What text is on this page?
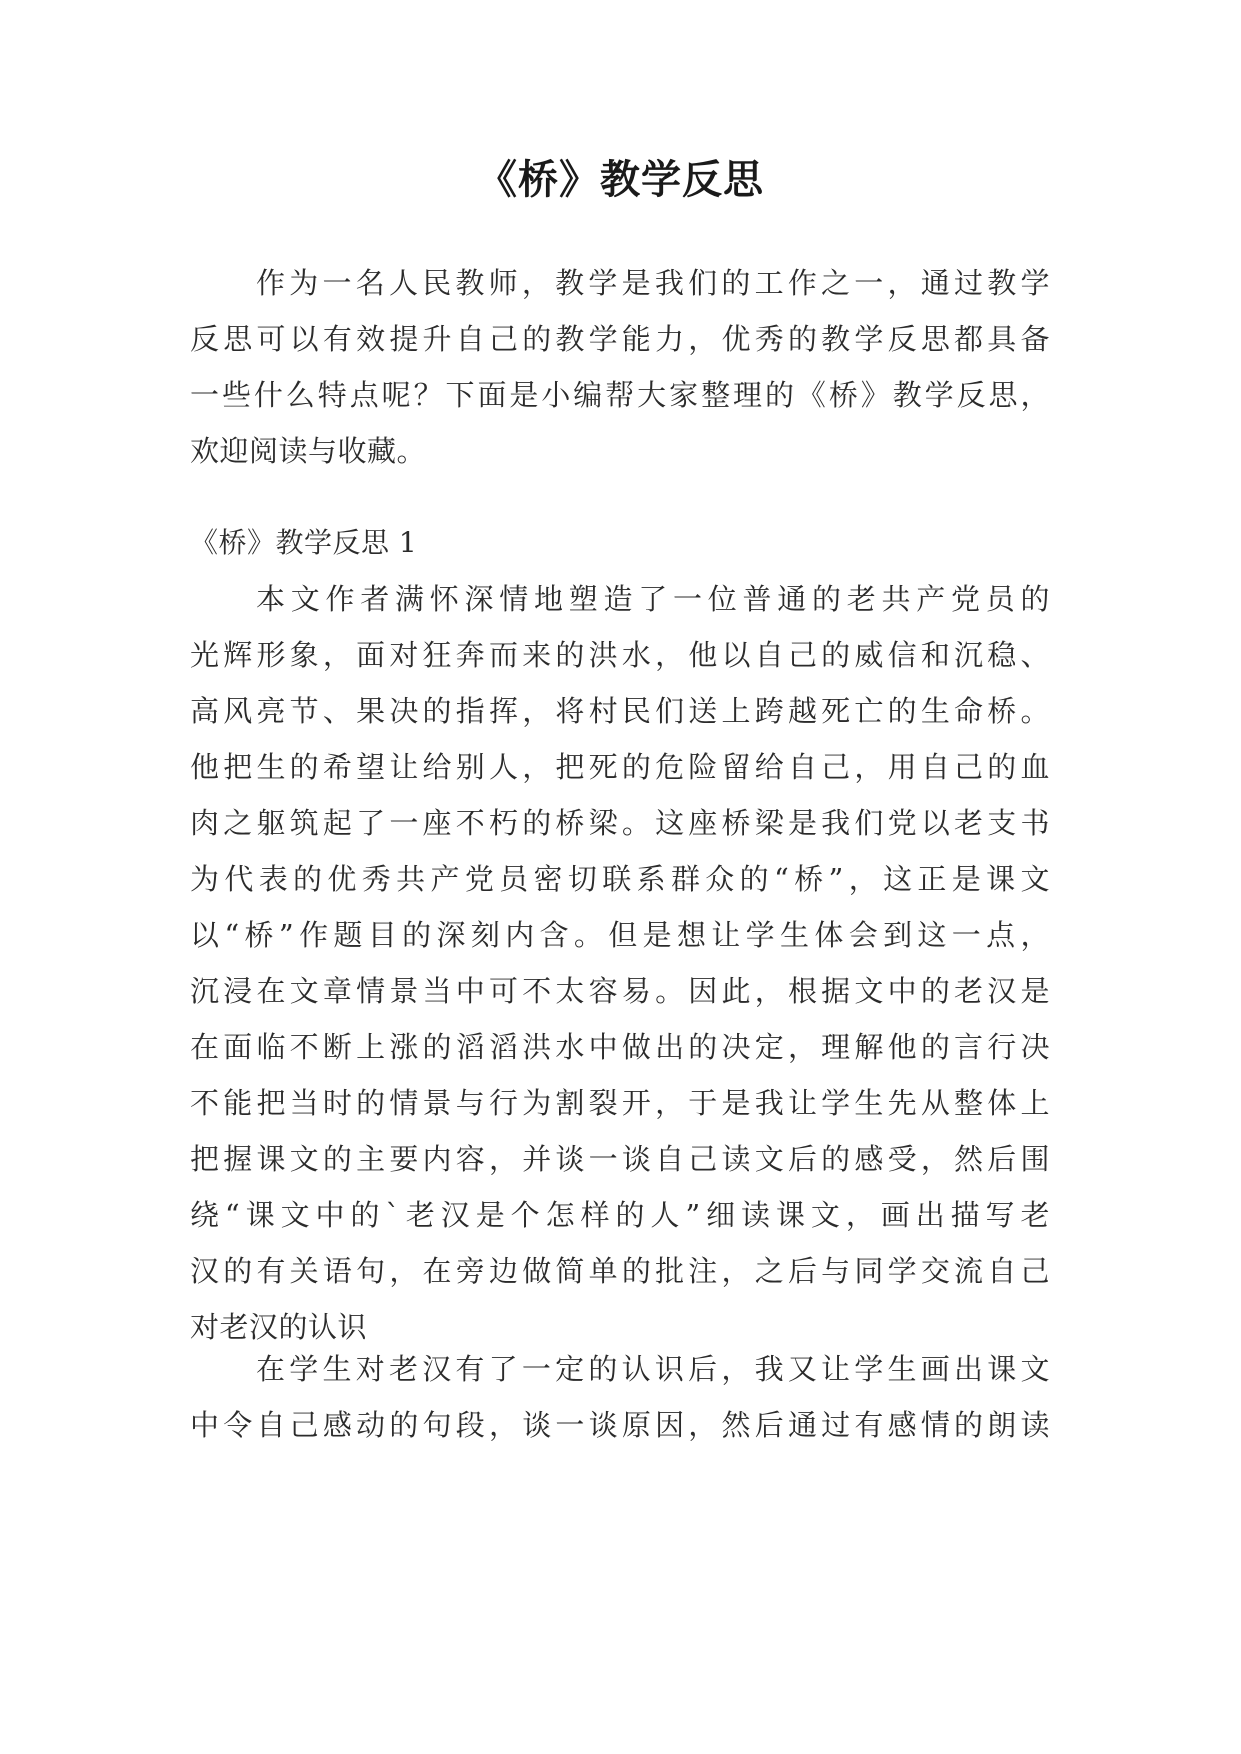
《桥》教学反思
作为一名人民教师，教学是我们的工作之一，通过教学
反思可以有效提升自己的教学能力，优秀的教学反思都具备
一些什么特点呢？下面是小编帮大家整理的《桥》教学反思，
欢迎阅读与收藏。
《桥》教学反思 1
本文作者满怀深情地塑造了一位普通的老共产党员的
光辉形象，面对狂奔而来的洪水，他以自己的威信和沉稳、
高风亮节、果决的指挥，将村民们送上跨越死亡的生命桥。
他把生的希望让给别人，把死的危险留给自己，用自己的血
肉之躯筑起了一座不朽的桥梁。这座桥梁是我们党以老支书
为代表的优秀共产党员密切联系群众的“桥”，这正是课文
以“桥”作题目的深刻内含。但是想让学生体会到这一点，
沉浸在文章情景当中可不太容易。因此，根据文中的老汉是
在面临不断上涨的滔滔洪水中做出的决定，理解他的言行决
不能把当时的情景与行为割裂开，于是我让学生先从整体上
把握课文的主要内容，并谈一谈自己读文后的感受，然后围
绕“课文中的`老汉是个怎样的人”细读课文，画出描写老
汉的有关语句，在旁边做简单的批注，之后与同学交流自己
对老汉的认识
在学生对老汉有了一定的认识后，我又让学生画出课文
中令自己感动的句段，谈一谈原因，然后通过有感情的朗读
